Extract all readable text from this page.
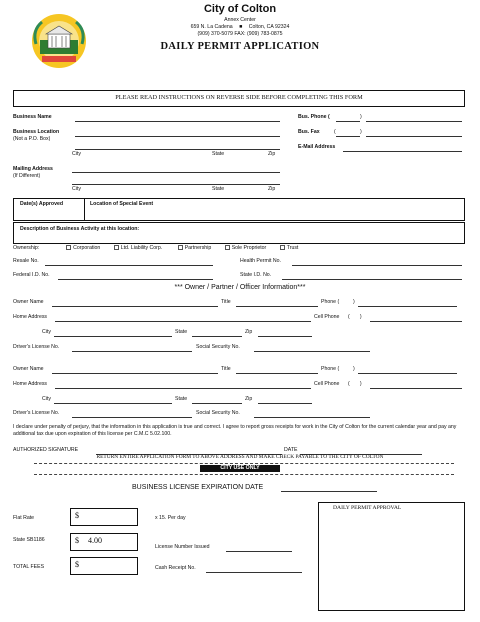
City of Colton
Annex Center
659 N. La Cadena ■ Colton, CA 92324
(909) 370-5079 FAX: (909) 783-0875
DAILY PERMIT APPLICATION
PLEASE READ INSTRUCTIONS ON REVERSE SIDE BEFORE COMPLETING THIS FORM
Business Name
Business Location
(Not a P.O. Box)
City	State	Zip
Mailing Address
(If Different)
City	State	Zip
Bus. Phone (	)
Bus. Fax	(	)
E-Mail Address
Date(s) Approved	Location of Special Event
Description of Business Activity at this location:
Ownership:	Corporation	Ltd. Liability Corp.	Partnership	Sole Proprietor	Trust
Resale No.	Health Permit No.
Federal I.D. No.	State I.D. No.
*** Owner / Partner / Officer Information***
Owner Name	Title	Phone (	)
Home Address	Cell Phone (       )
City	State	Zip
Driver's License No.	Social Security No.
Owner Name	Title	Phone (	)
Home Address	Cell Phone (       )
City	State	Zip
Driver's License No.	Social Security No.
I declare under penalty of perjury, that the information in this application is true and correct. I agree to report gross receipts for work in the City of Colton for the current calendar year and pay any additional tax due upon expiration of this license per C.M.C 5.02.100.
AUTHORIZED SIGNATURE	DATE
RETURN ENTIRE APPLICATION FORM TO ABOVE ADDRESS AND MAKE CHECK PAYABLE TO THE CITY OF COLTON
CITY USE ONLY
BUSINESS LICENSE EXPIRATION DATE
Flat Rate	$	x 15. Per day
State SB1186	$ 4.00
License Number Issued
TOTAL FEES	$	Cash Receipt No.
DAILY PERMIT APPROVAL
